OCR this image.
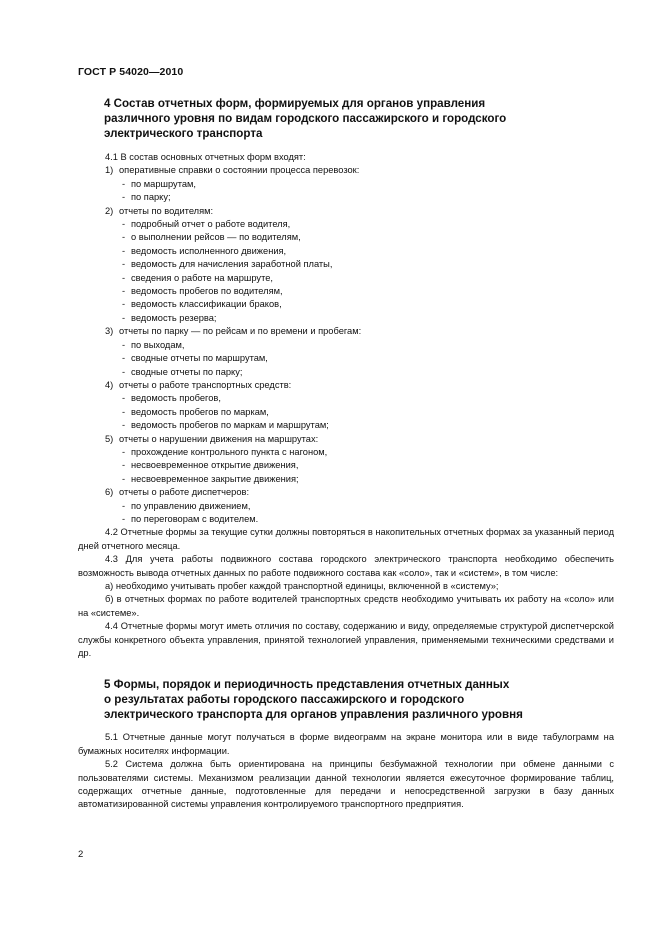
ГОСТ Р 54020—2010
4 Состав отчетных форм, формируемых для органов управления
различного уровня по видам городского пассажирского и городского
электрического транспорта

4.1 В состав основных отчетных форм входят:

1) оперативные справки о состоянии процесса перевозок:
- по маршрутам,
- по парку;
2) отчеты по водителям:
- подробный отчет о работе водителя,
- о выполнении рейсов — по водителям,
- ведомость исполненного движения,
- ведомость для начисления заработной платы,
- сведения о работе на маршруте,
- ведомость пробегов по водителям,
- ведомость классификации браков,
- ведомость резерва;
3) отчеты по парку — по рейсам и по времени и пробегам:
- по выходам,
- сводные отчеты по маршрутам,
- сводные отчеты по парку;
4) отчеты о работе транспортных средств:
- ведомость пробегов,
- ведомость пробегов по маркам,
- ведомость пробегов по маркам и маршрутам;
5) отчеты о нарушении движения на маршрутах:
- прохождение контрольного пункта с нагоном,
- несвоевременное открытие движения,
- несвоевременное закрытие движения;
6) отчеты о работе диспетчеров:
- по управлению движением,
- по переговорам с водителем.

4.2 Отчетные формы за текущие сутки должны повторяться в накопительных отчетных формах за указанный период дней отчетного месяца.

4.3 Для учета работы подвижного состава городского электрического транспорта необходимо обеспечить возможность вывода отчетных данных по работе подвижного состава как «соло», так и «систем», в том числе:

а) необходимо учитывать пробег каждой транспортной единицы, включенной в «систему»;

б) в отчетных формах по работе водителей транспортных средств необходимо учитывать их работу на «соло» или на «системе».

4.4 Отчетные формы могут иметь отличия по составу, содержанию и виду, определяемые структурой диспетчерской службы конкретного объекта управления, принятой технологией управления, применяемыми техническими средствами и др.

5 Формы, порядок и периодичность представления отчетных данных
о результатах работы городского пассажирского и городского
электрического транспорта для органов управления различного уровня

5.1 Отчетные данные могут получаться в форме видеограмм на экране монитора или в виде табулограмм на бумажных носителях информации.

5.2 Система должна быть ориентирована на принципы безбумажной технологии при обмене данными с пользователями системы. Механизмом реализации данной технологии является ежесуточное формирование таблиц, содержащих отчетные данные, подготовленные для передачи и непосредственной загрузки в базу данных автоматизированной системы управления контролируемого транспортного предприятия.

2
